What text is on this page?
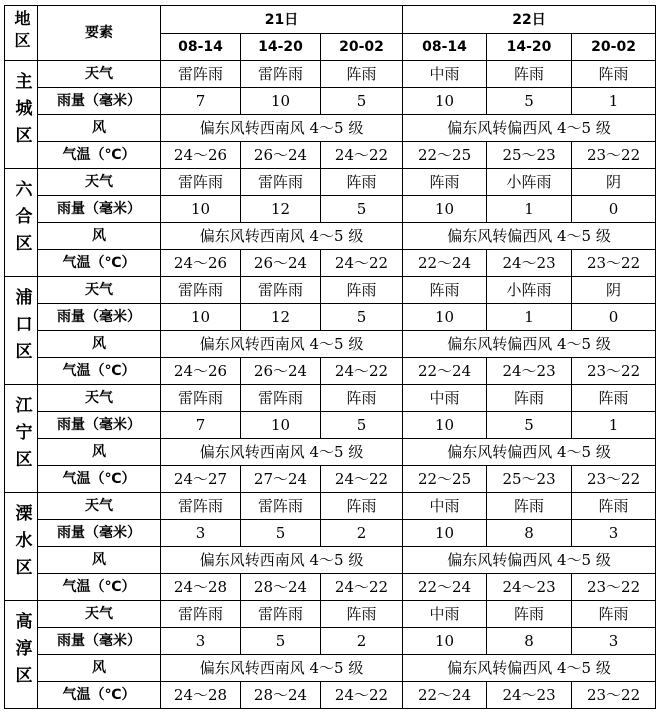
地区	要素	21日			22日		
		08-14	14-20	20-02	08-14	14-20	20-02
主城区	天气	雷阵雨	雷阵雨	阵雨	中雨	阵雨	阵雨
	雨量（毫米）	7	10	5	10	5	1
	风	偏东风转西南风 4～5 级			偏东风转偏西风 4～5 级		
	气温（℃）	24～26	26～24	24～22	22～25	25～23	23～22
六合区	天气	雷阵雨	雷阵雨	阵雨	阵雨	小阵雨	阴
	雨量（毫米）	10	12	5	10	1	0
	风	偏东风转西南风 4～5 级			偏东风转偏西风 4～5 级		
	气温（℃）	24～26	26～24	24～22	22～24	24～23	23～22
浦口区	天气	雷阵雨	雷阵雨	阵雨	阵雨	小阵雨	阴
	雨量（毫米）	10	12	5	10	1	0
	风	偏东风转西南风 4～5 级			偏东风转偏西风 4～5 级		
	气温（℃）	24～26	26～24	24～22	22～24	24～23	23～22
江宁区	天气	雷阵雨	雷阵雨	阵雨	中雨	阵雨	阵雨
	雨量（毫米）	7	10	5	10	5	1
	风	偏东风转西南风 4～5 级			偏东风转偏西风 4～5 级		
	气温（℃）	24～27	27～24	24～22	22～25	25～23	23～22
溧水区	天气	雷阵雨	雷阵雨	阵雨	中雨	阵雨	阵雨
	雨量（毫米）	3	5	2	10	8	3
	风	偏东风转西南风 4～5 级			偏东风转偏西风 4～5 级		
	气温（℃）	24～28	28～24	24～22	22～24	24～23	23～22
高淳区	天气	雷阵雨	雷阵雨	阵雨	中雨	阵雨	阵雨
	雨量（毫米）	3	5	2	10	8	3
	风	偏东风转西南风 4～5 级			偏东风转偏西风 4～5 级		
	气温（℃）	24～28	28～24	24～22	22～24	24～23	23～22
